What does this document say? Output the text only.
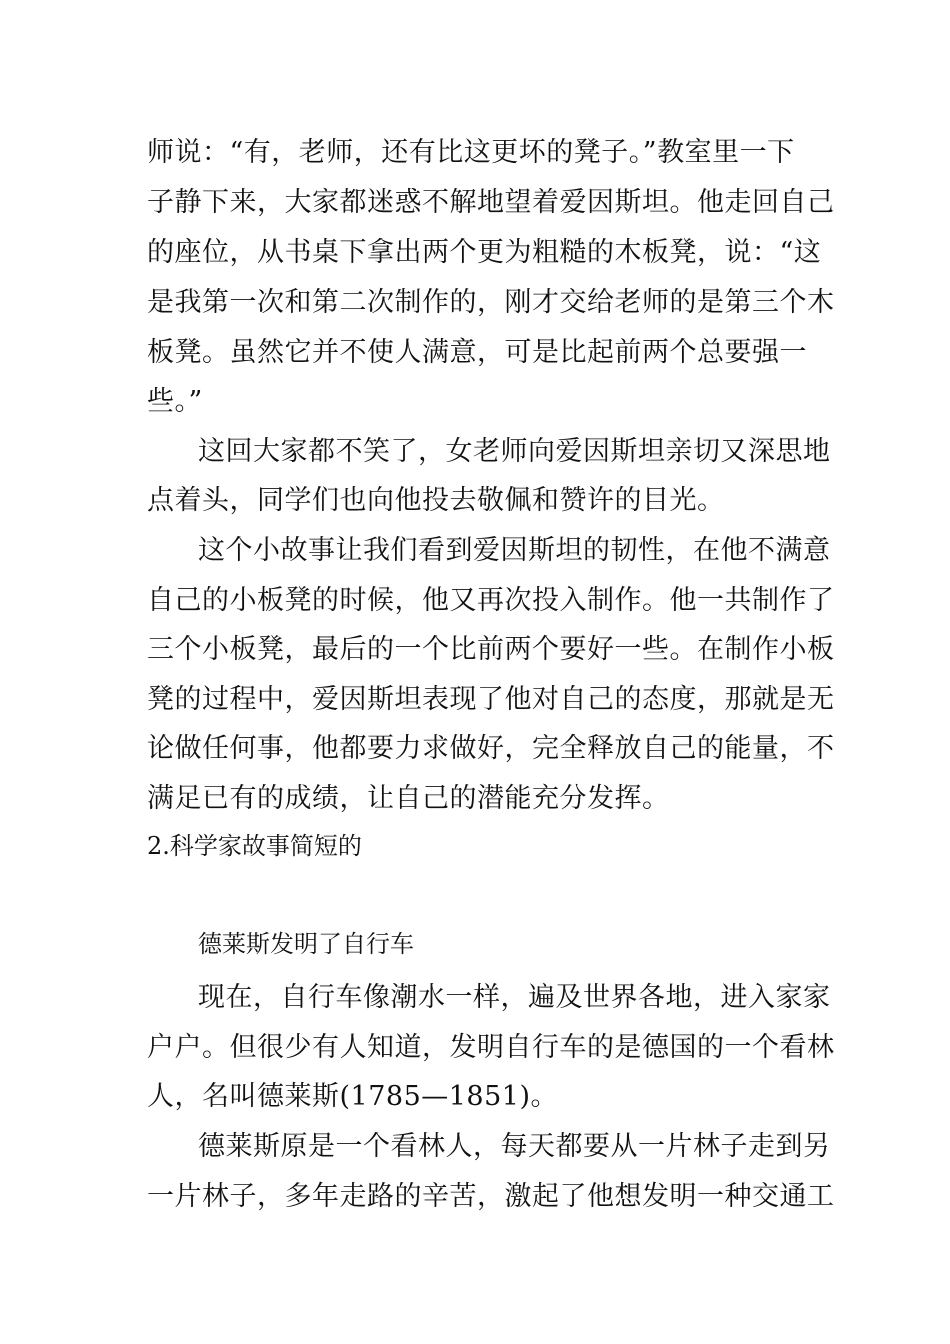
师说：“有，老师，还有比这更坏的凳子。”教室里一下
子静下来，大家都迷惑不解地望着爱因斯坦。他走回自己
的座位，从书桌下拿出两个更为粗糙的木板凳，说：“这
是我第一次和第二次制作的，刚才交给老师的是第三个木
板凳。虽然它并不使人满意，可是比起前两个总要强一
些。”
这回大家都不笑了，女老师向爱因斯坦亲切又深思地
点着头，同学们也向他投去敬佩和赞许的目光。
这个小故事让我们看到爱因斯坦的韧性，在他不满意
自己的小板凳的时候，他又再次投入制作。他一共制作了
三个小板凳，最后的一个比前两个要好一些。在制作小板
凳的过程中，爱因斯坦表现了他对自己的态度，那就是无
论做任何事，他都要力求做好，完全释放自己的能量，不
满足已有的成绩，让自己的潜能充分发挥。
2.科学家故事简短的
德莱斯发明了自行车
现在，自行车像潮水一样，遍及世界各地，进入家家
户户。但很少有人知道，发明自行车的是德国的一个看林
人，名叫德莱斯(1785—1851)。
德莱斯原是一个看林人，每天都要从一片林子走到另
一片林子，多年走路的辛苦，激起了他想发明一种交通工
